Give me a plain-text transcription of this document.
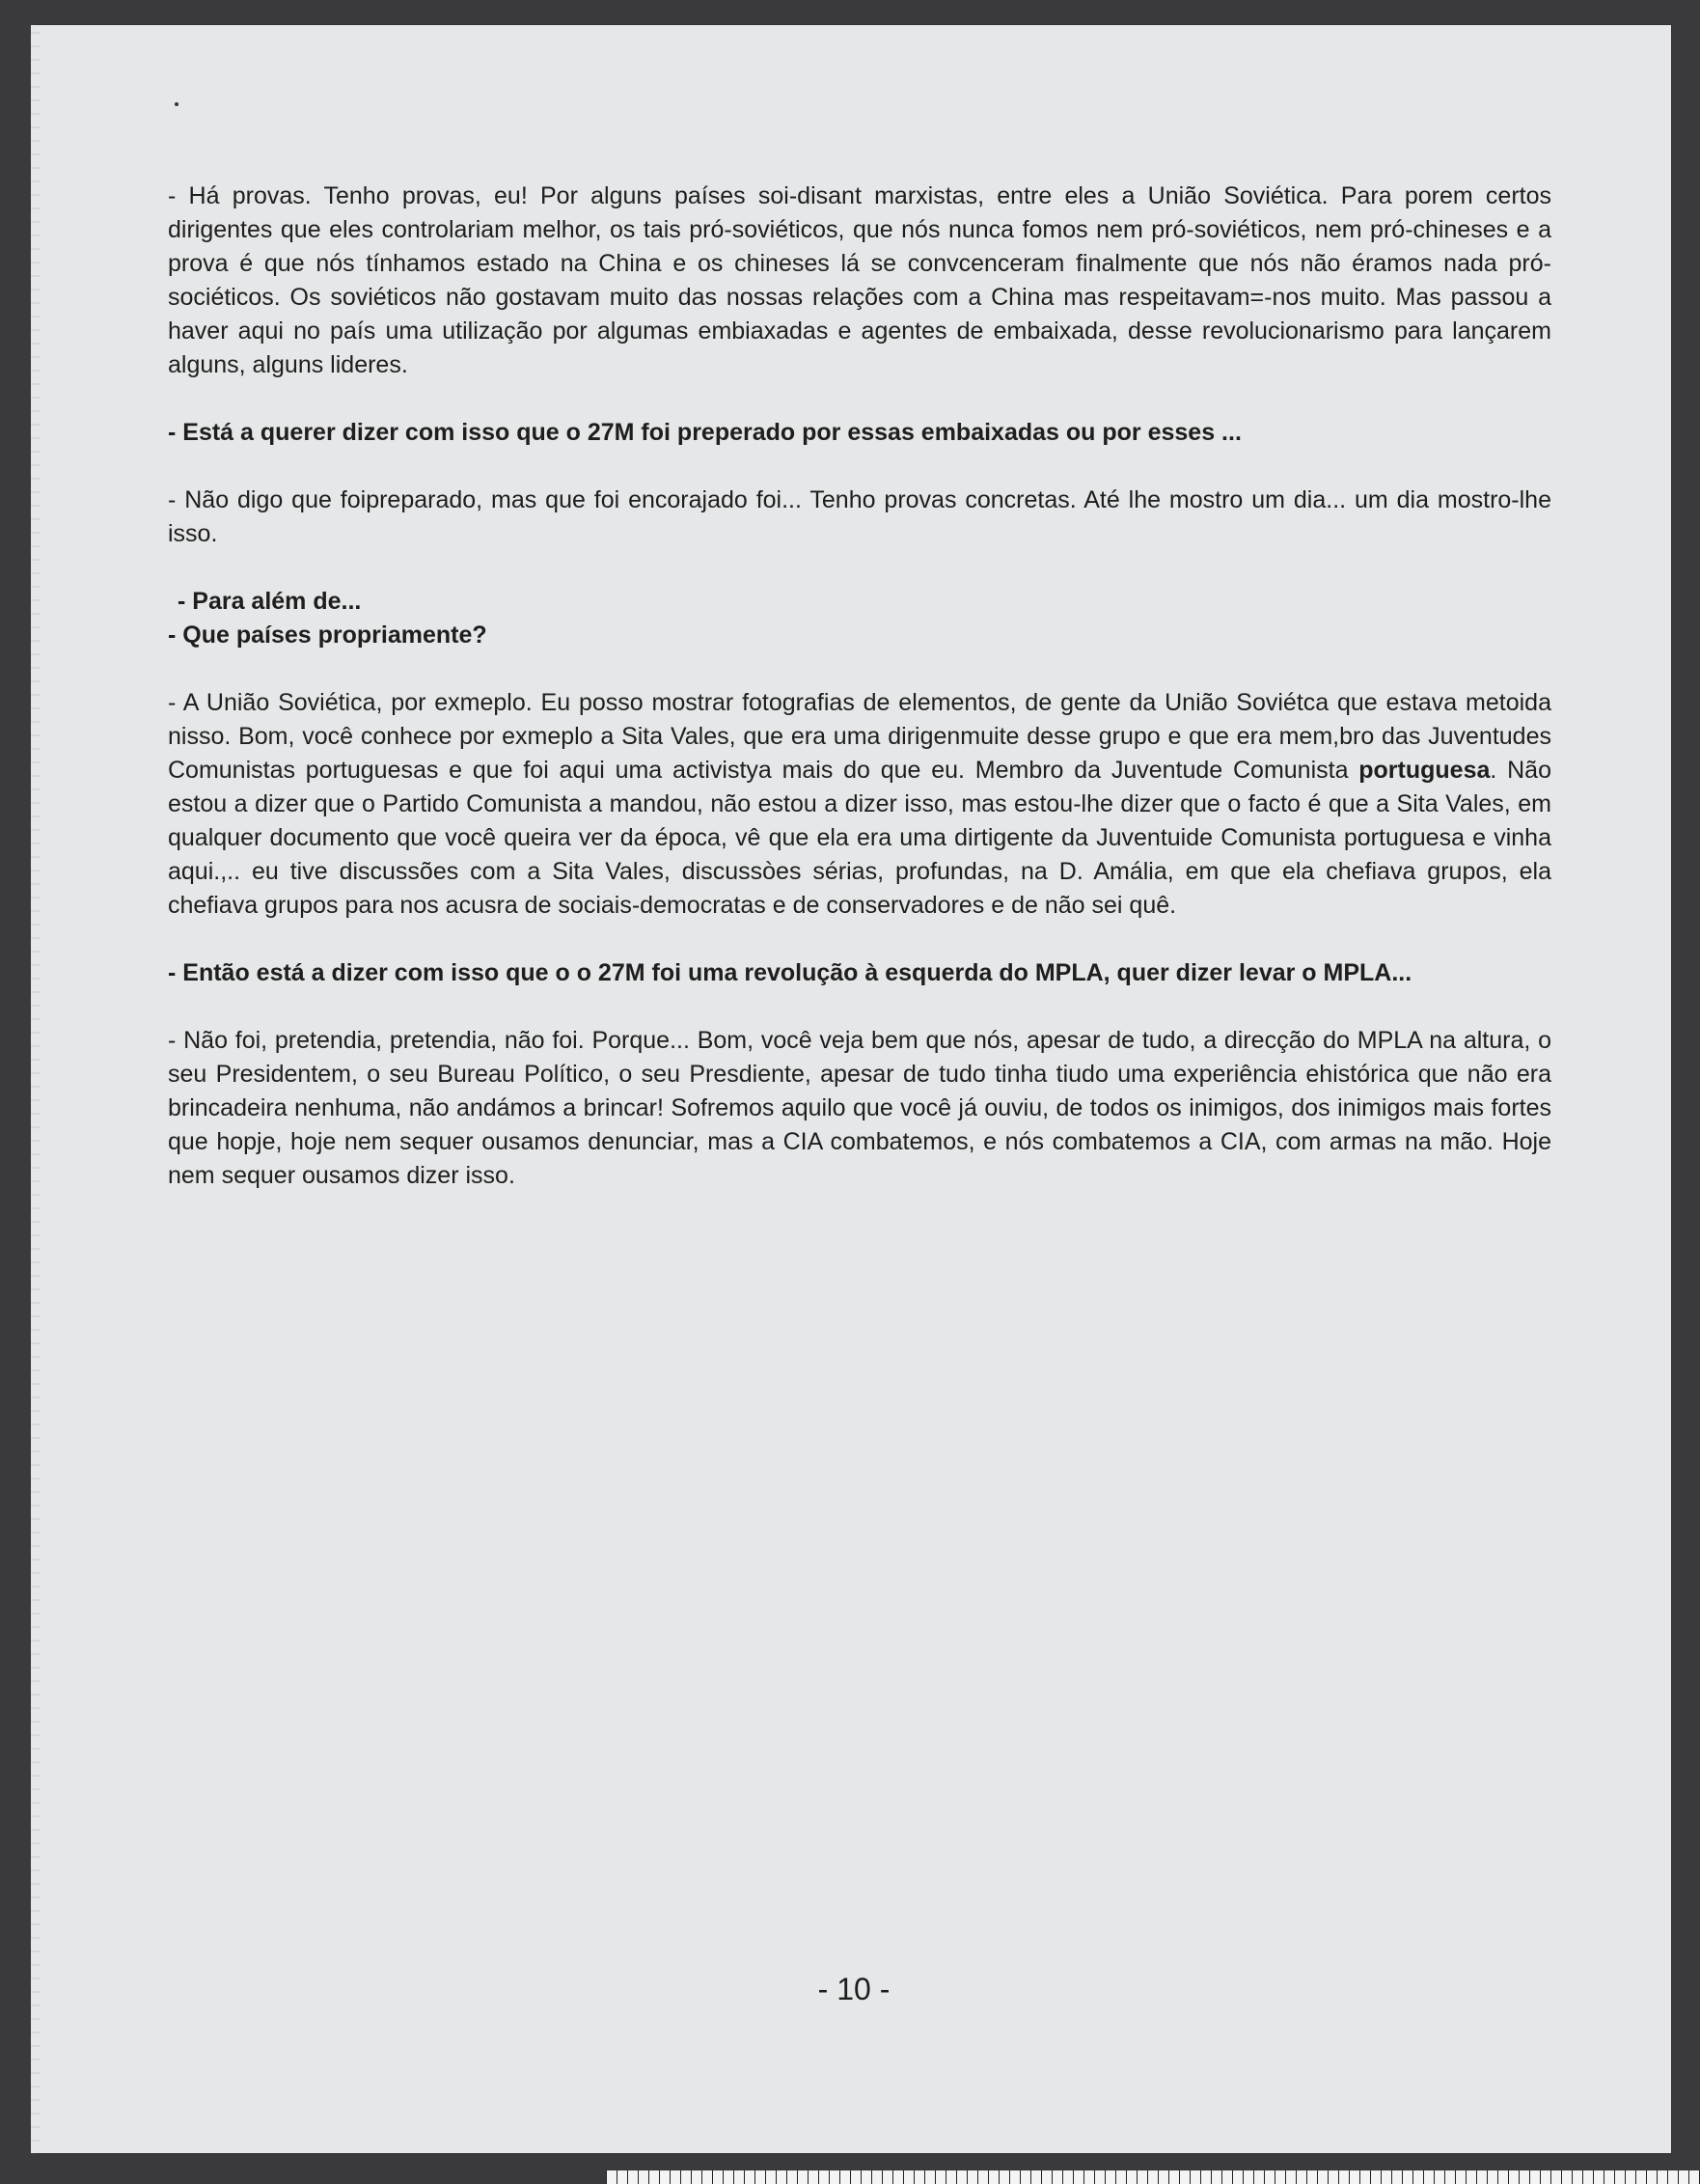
- Há provas. Tenho provas, eu! Por alguns países soi-disant marxistas, entre eles a União Soviética. Para porem certos dirigentes que eles controlariam melhor, os tais pró-soviéticos, que nós nunca fomos nem pró-soviéticos, nem pró-chineses e a prova é que nós tínhamos estado na China e os chineses lá se convcenceram finalmente que nós não éramos nada pró-sociéticos. Os soviéticos não gostavam muito das nossas relações com a China mas respeitavam=-nos muito. Mas passou a haver aqui no país uma utilização por algumas embiaxadas e agentes de embaixada, desse revolucionarismo para lançarem alguns, alguns lideres.

- Está a querer dizer com isso que o 27M foi preperado por essas embaixadas ou por esses ...

- Não digo que foipreparado, mas que foi encorajado foi... Tenho provas concretas. Até lhe mostro um dia... um dia mostro-lhe isso.

- Para além de...

- Que países propriamente?

- A União Soviética, por exmeplo. Eu posso mostrar fotografias de elementos, de gente da União Soviétca que estava metoida nisso. Bom, você conhece por exmeplo a Sita Vales, que era uma dirigenmuite desse grupo e que era mem,bro das Juventudes Comunistas portuguesas e que foi aqui uma activistya mais do que eu. Membro da Juventude Comunista portuguesa. Não estou a dizer que o Partido Comunista a mandou, não estou a dizer isso, mas estou-lhe dizer que o facto é que a Sita Vales, em qualquer documento que você queira ver da época, vê que ela era uma dirtigente da Juventuide Comunista portuguesa e vinha aqui.,.. eu tive discussões com a Sita Vales, discussòes sérias, profundas, na D. Amália, em que ela chefiava grupos, ela chefiava grupos para nos acusra de sociais-democratas e de conservadores e de não sei quê.

- Então está a dizer com isso que o o 27M foi uma revolução à esquerda do MPLA, quer dizer levar o MPLA...

- Não foi, pretendia, pretendia, não foi. Porque... Bom, você veja bem que nós, apesar de tudo, a direcção do MPLA na altura, o seu Presidentem, o seu Bureau Político, o seu Presdiente, apesar de tudo tinha tiudo uma experiência ehistórica que não era brincadeira nenhuma, não andámos a brincar! Sofremos aquilo que você já ouviu, de todos os inimigos, dos inimigos mais fortes que hopje, hoje nem sequer ousamos denunciar, mas a CIA combatemos, e nós combatemos a CIA, com armas na mão. Hoje nem sequer ousamos dizer isso.

- 10 -
